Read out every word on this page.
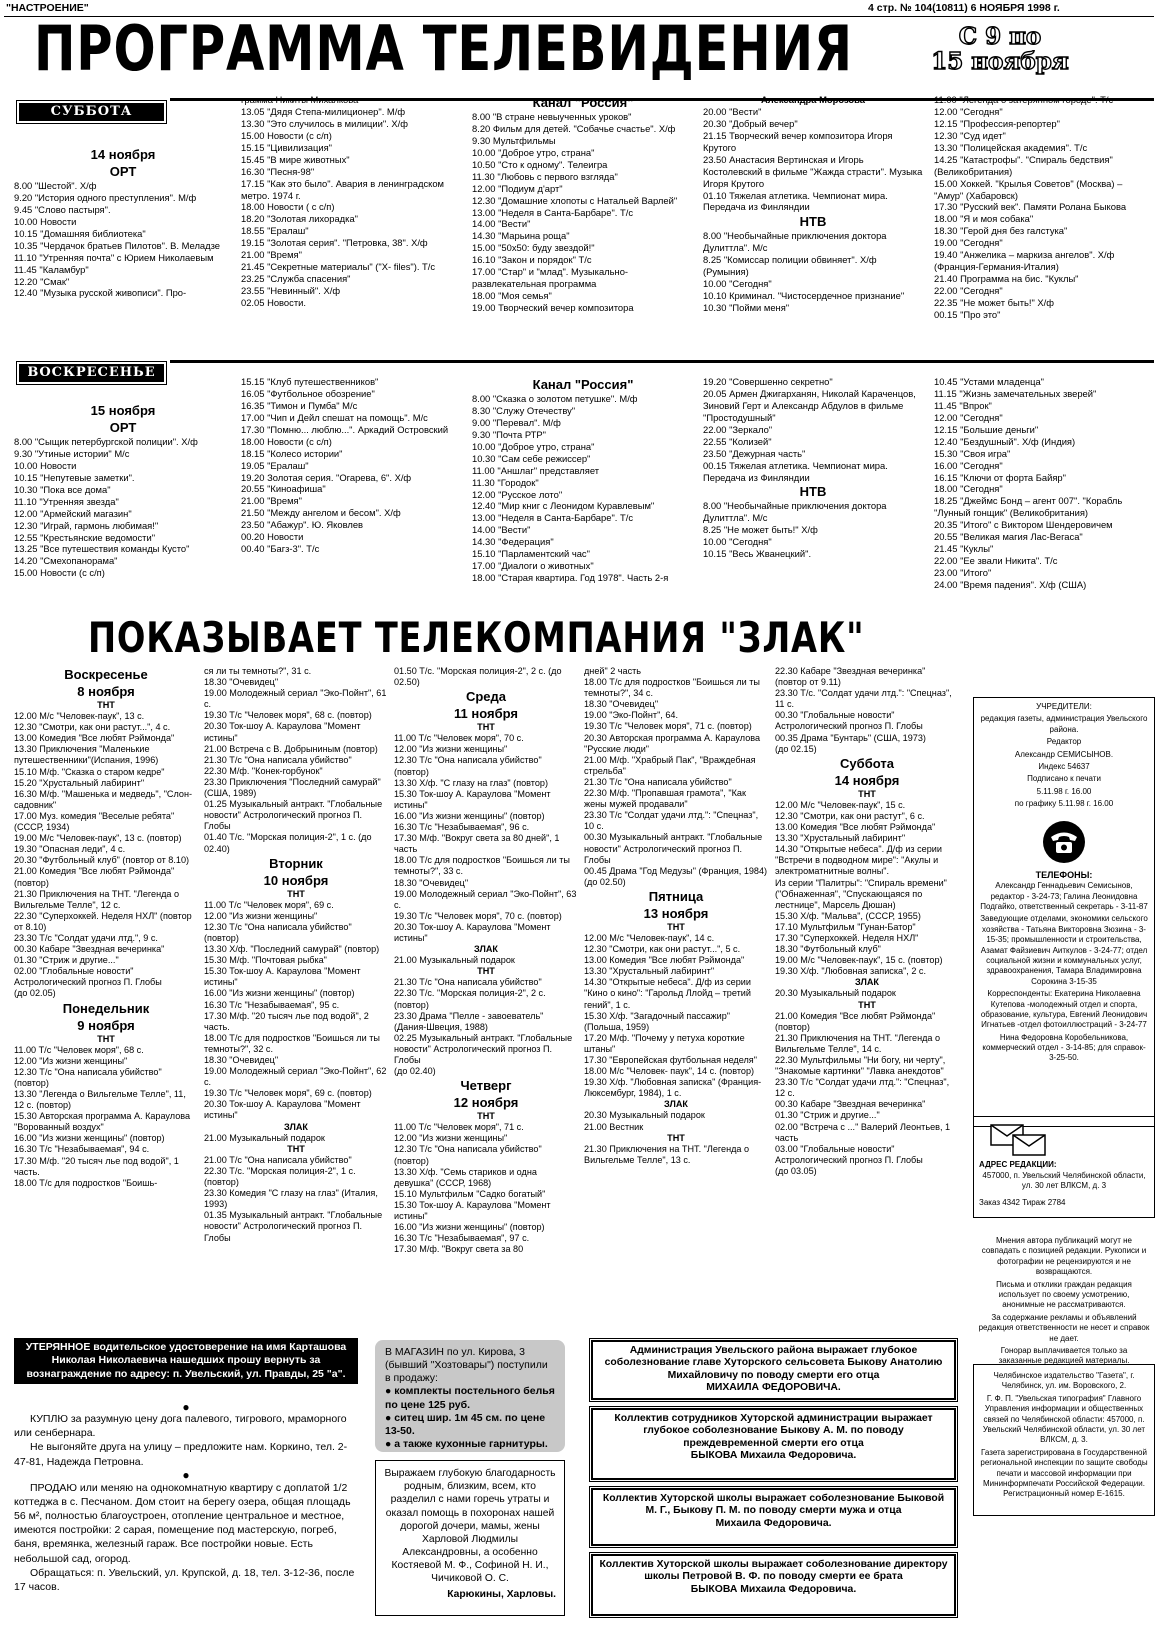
"НАСТРОЕНИЕ"	4 стр. № 104(10811) 6 НОЯБРЯ 1998 г.
ПРОГРАММА ТЕЛЕВИДЕНИЯ	С 9 по
15 ноября
СУББОТА
14 ноября
ОРТ
8.00 "Шестой". Х/ф
9.20 "История одного преступления". М/ф
9.45 "Слово пастыря".
10.00 Новости
10.15 "Домашняя библиотека"
10.35 "Чердачок братьев Пилотов". В. Меладзе
11.10 "Утренняя почта" с Юрием Николаевым
11.45 "Каламбур"
12.20 "Смак"
12.40 "Музыка русской живописи". Про-
грамма Никиты Михалкова
13.05 "Дядя Степа-милиционер". М/ф
13.30 "Это случилось в милиции". Х/ф
15.00 Новости (с с/п)
15.15 "Цивилизация"
15.45 "В мире животных"
16.30 "Песня-98"
17.15 "Как это было". Авария в ленинградском метро. 1974 г.
18.00 Новости ( с с/п)
18.20 "Золотая лихорадка"
18.55 "Ералаш"
19.15 "Золотая серия". "Петровка, 38". Х/ф
21.00 "Время"
21.45 "Секретные материалы" ("X- files"). Т/с
23.25 "Служба спасения"
23.55 "Невинный". Х/ф
02.05 Новости.
Канал "Россия"
8.00 "В стране невыученных уроков"
8.20 Фильм для детей. "Собачье счастье". Х/ф
9.30 Мультфильмы
10.00 "Доброе утро, страна"
10.50 "Сто к одному". Телеигра
11.30 "Любовь с первого взгляда"
12.00 "Подиум д'арт"
12.30 "Домашние хлопоты с Натальей Варлей"
13.00 "Неделя в Санта-Барбаре". Т/с
14.00 "Вести"
14.30 "Марьина роща"
15.00 "50х50: буду звездой!"
16.10 "Закон и порядок" Т/с
17.00 "Стар" и "млад". Музыкально-развлекательная программа
18.00 "Моя семья"
19.00 Творческий вечер композитора
Александра Морозова
20.00 "Вести"
20.30 "Добрый вечер"
21.15 Творческий вечер композитора Игоря Крутого
23.50 Анастасия Вертинская и Игорь Костолевский в фильме "Жажда страсти". Музыка Игоря Крутого
01.10 Тяжелая атлетика. Чемпионат мира. Передача из Финляндии
НТВ
8.00 "Необычайные приключения доктора Дулиттла". М/с
8.25 "Комиссар полиции обвиняет". Х/ф (Румыния)
10.00 "Сегодня"
10.10 Криминал. "Чистосердечное признание"
10.30 "Пойми меня"
11.00 "Легенда о затерянном городе". Т/с
12.00 "Сегодня"
12.15 "Профессия-репортер"
12.30 "Суд идет"
13.30 "Полицейская академия". Т/с
14.25 "Катастрофы". "Спираль бедствия" (Великобритания)
15.00 Хоккей. "Крылья Советов" (Москва) – "Амур" (Хабаровск)
17.30 "Русский век". Памяти Ролана Быкова
18.00 "Я и моя собака"
18.30 "Герой дня без галстука"
19.00 "Сегодня"
19.40 "Анжелика – маркиза ангелов". Х/ф (Франция-Германия-Италия)
21.40 Программа на бис. "Куклы"
22.00 "Сегодня"
22.35 "Не может быть!" Х/ф
00.15 "Про это"
ВОСКРЕСЕНЬЕ
15 ноября
ОРТ
8.00 "Сыщик петербургской полиции". Х/ф
9.30 "Утиные истории" М/с
10.00 Новости
10.15 "Непутевые заметки".
10.30 "Пока все дома"
11.10 "Утренняя звезда"
12.00 "Армейский магазин"
12.30 "Играй, гармонь любимая!"
12.55 "Крестьянские ведомости"
13.25 "Все путешествия команды Кусто"
14.20 "Смехопанорама"
15.00 Новости (с с/п)
15.15 "Клуб путешественников"
16.05 "Футбольное обозрение"
16.35 "Тимон и Пумба" М/с
17.00 "Чип и Дейл спешат на помощь". М/с
17.30 "Помню... люблю...". Аркадий Островский
18.00 Новости (с с/п)
18.15 "Колесо истории"
19.05 "Ералаш"
19.20 Золотая серия. "Огарева, 6". Х/ф
20.55 "Киноафиша"
21.00 "Время"
21.50 "Между ангелом и бесом". Х/ф
23.50 "Абажур". Ю. Яковлев
00.20 Новости
00.40 "Багз-3". Т/с
Канал "Россия"
8.00 "Сказка о золотом петушке". М/ф
8.30 "Служу Отечеству"
9.00 "Перевал". М/ф
9.30 "Почта РТР"
10.00 "Доброе утро, страна"
10.30 "Сам себе режиссер"
11.00 "Аншлаг" представляет
11.30 "Городок"
12.00 "Русское лото"
12.40 "Мир книг с Леонидом Куравлевым"
13.00 "Неделя в Санта-Барбаре". Т/с
14.00 "Вести"
14.30 "Федерация"
15.10 "Парламентский час"
17.00 "Диалоги о животных"
18.00 "Старая квартира. Год 1978". Часть 2-я
19.20 "Совершенно секретно"
20.05 Армен Джигарханян, Николай Караченцов, Зиновий Герт и Александр Абдулов в фильме "Простодушный"
22.00 "Зеркало"
22.55 "Колизей"
23.50 "Дежурная часть"
00.15 Тяжелая атлетика. Чемпионат мира. Передача из Финляндии
НТВ
8.00 "Необычайные приключения доктора Дулиттла". М/с
8.25 "Не может быть!" Х/ф
10.00 "Сегодня"
10.15 "Весь Жванецкий".
10.45 "Устами младенца"
11.15 "Жизнь замечательных зверей"
11.45 "Впрок"
12.00 "Сегодня"
12.15 "Большие деньги"
12.40 "Бездушный". Х/ф (Индия)
15.30 "Своя игра"
16.00 "Сегодня"
16.15 "Ключи от форта Байяр"
18.00 "Сегодня"
18.25 "Джеймс Бонд – агент 007". "Корабль "Лунный гонщик" (Великобритания)
20.35 "Итого" с Виктором Шендеровичем
20.55 "Великая магия Лас-Вегаса"
21.45 "Куклы"
22.00 "Ее звали Никита". Т/с
23.00 "Итого"
24.00 "Время падения". Х/ф (США)
ПОКАЗЫВАЕТ ТЕЛЕКОМПАНИЯ "ЗЛАК"
Воскресенье
8 ноября
ТНТ
12.00 М/с "Человек-паук", 13 с.
12.30 "Смотри, как они растут...", 4 с.
13.00 Комедия "Все любят Рэймонда"
13.30 Приключения "Маленькие путешественники"(Испания, 1996)
15.10 М/ф. "Сказка о старом кедре"
15.20 "Хрустальный лабиринт"
16.30 М/ф. "Машенька и медведь", "Слон-садовник"
17.00 Муз. комедия "Веселые ребята" (СССР, 1934)
19.00 М/с "Человек-паук", 13 с. (повтор)
19.30 "Опасная леди", 4 с.
20.30 "Футбольный клуб" (повтор от 8.10)
21.00 Комедия "Все любят Рэймонда" (повтор)
21.30 Приключения на ТНТ. "Легенда о Вильгельме Телле", 12 с.
22.30 "Суперхоккей. Неделя НХЛ" (повтор от 8.10)
23.30 Т/с "Солдат удачи лтд.", 9 с.
00.30 Кабаре "Звездная вечеринка"
01.30 "Стриж и другие..."
02.00 "Глобальные новости" Астрологический прогноз П. Глобы
(до 02.05)
Понедельник
9 ноября
ТНТ
11.00 Т/с "Человек моря", 68 с.
12.00 "Из жизни женщины"
12.30 Т/с "Она написала убийство" (повтор)
13.30 "Легенда о Вильгельме Телле", 11, 12 с. (повтор)
15.30 Авторская программа А. Караулова "Ворованный воздух"
16.00 "Из жизни женщины" (повтор)
16.30 Т/с "Незабываемая", 94 с.
17.30 М/ф. "20 тысяч лье под водой", 1 часть.
18.00 Т/с для подростков "Боишь-
ся ли ты темноты?", 31 с.
18.30 "Очевидец"
19.00 Молодежный сериал "Эко-Пойнт", 61 с.
19.30 Т/с "Человек моря", 68 с. (повтор)
20.30 Ток-шоу А. Караулова "Момент истины"
21.00 Встреча с В. Добрыниным (повтор)
21.30 Т/с "Она написала убийство"
22.30 М/ф. "Конек-горбунок"
23.30 Приключения "Последний самурай" (США, 1989)
01.25 Музыкальный антракт. "Глобальные новости" Астрологический прогноз П. Глобы
01.40 Т/с. "Морская полиция-2", 1 с. (до 02.40)
Вторник
10 ноября
ТНТ
11.00 Т/с "Человек моря", 69 с.
12.00 "Из жизни женщины"
12.30 Т/с "Она написала убийство" (повтор)
13.30 Х/ф. "Последний самурай" (повтор)
15.30 М/ф. "Почтовая рыбка"
15.30 Ток-шоу А. Караулова "Момент истины"
16.00 "Из жизни женщины" (повтор)
16.30 Т/с "Незабываемая", 95 с.
17.30 М/ф. "20 тысяч лье под водой", 2 часть.
18.00 Т/с для подростков "Боишься ли ты темноты?", 32 с.
18.30 "Очевидец"
19.00 Молодежный сериал "Эко-Пойнт", 62 с.
19.30 Т/с "Человек моря", 69 с. (повтор)
20.30 Ток-шоу А. Караулова "Момент истины"
ЗЛАК
21.00 Музыкальный подарок
ТНТ
21.00 Т/с "Она написала убийство"
22.30 Т/с. "Морская полиция-2", 1 с. (повтор)
23.30 Комедия "С глазу на глаз" (Италия, 1993)
01.35 Музыкальный антракт. "Глобальные новости" Астрологический прогноз П. Глобы
01.50 Т/с. "Морская полиция-2", 2 с. (до 02.50)
Среда
11 ноября
ТНТ
11.00 Т/с "Человек моря", 70 с.
12.00 "Из жизни женщины"
12.30 Т/с "Она написала убийство" (повтор)
13.30 Х/ф. "С глазу на глаз" (повтор)
15.30 Ток-шоу А. Караулова "Момент истины"
16.00 "Из жизни женщины" (повтор)
16.30 Т/с "Незабываемая", 96 с.
17.30 М/ф. "Вокруг света за 80 дней", 1 часть
18.00 Т/с для подростков "Боишься ли ты темноты?", 33 с.
18.30 "Очевидец"
19.00 Молодежный сериал "Эко-Пойнт", 63 с.
19.30 Т/с "Человек моря", 70 с. (повтор)
20.30 Ток-шоу А. Караулова "Момент истины"
ЗЛАК
21.00 Музыкальный подарок
ТНТ
21.30 Т/с "Она написала убийство"
22.30 Т/с. "Морская полиция-2", 2 с. (повтор)
23.30 Драма "Пелле - завоеватель" (Дания-Швеция, 1988)
02.25 Музыкальный антракт. "Глобальные новости" Астрологический прогноз П. Глобы
(до 02.40)
Четверг
12 ноября
ТНТ
11.00 Т/с "Человек моря", 71 с.
12.00 "Из жизни женщины"
12.30 Т/с "Она написала убийство" (повтор)
13.30 Х/ф. "Семь стариков и одна девушка" (СССР, 1968)
15.10 Мультфильм "Садко богатый"
15.30 Ток-шоу А. Караулова "Момент истины"
16.00 "Из жизни женщины" (повтор)
16.30 Т/с "Незабываемая", 97 с.
17.30 М/ф. "Вокруг света за 80
дней" 2 часть
18.00 Т/с для подростков "Боишься ли ты темноты?", 34 с.
18.30 "Очевидец"
19.00 "Эко-Пойнт", 64.
19.30 Т/с "Человек моря", 71 с. (повтор)
20.30 Авторская программа А. Караулова "Русские люди"
21.00 М/ф. "Храбрый Пак", "Враждебная стрельба"
21.30 Т/с "Она написала убийство"
22.30 М/ф. "Пропавшая грамота", "Как жены мужей продавали"
23.30 Т/с "Солдат удачи лтд.": "Спецназ", 10 с.
00.30 Музыкальный антракт. "Глобальные новости" Астрологический прогноз П. Глобы
00.45 Драма "Год Медузы" (Франция, 1984)
(до 02.50)
Пятница
13 ноября
ТНТ
12.00 М/с "Человек-паук", 14 с.
12.30 "Смотри, как они растут...", 5 с.
13.00 Комедия "Все любят Рэймонда"
13.30 "Хрустальный лабиринт"
14.30 "Открытые небеса". Д/ф из серии "Кино о кино": "Гарольд Ллойд – третий гений", 1 с.
15.30 Х/ф. "Загадочный пассажир" (Польша, 1959)
17.20 М/ф. "Почему у петуха короткие штаны"
17.30 "Европейская футбольная неделя"
18.00 М/с "Человек- паук", 14 с. (повтор)
19.30 Х/ф. "Любовная записка" (Франция-Люксембург, 1984), 1 с.
ЗЛАК
20.30 Музыкальный подарок
21.00 Вестник
ТНТ
21.30 Приключения на ТНТ. "Легенда о Вильгельме Телле", 13 с.
22.30 Кабаре "Звездная вечеринка" (повтор от 9.11)
23.30 Т/с. "Солдат удачи лтд.": "Спецназ", 11 с.
00.30 "Глобальные новости" Астрологический прогноз П. Глобы
00.35 Драма "Бунтарь" (США, 1973)
(до 02.15)
Суббота
14 ноября
ТНТ
12.00 М/с "Человек-паук", 15 с.
12.30 "Смотри, как они растут", 6 с.
13.00 Комедия "Все любят Рэймонда"
13.30 "Хрустальный лабиринт"
14.30 "Открытые небеса". Д/ф из серии "Встречи в подводном мире": "Акулы и электроматнитные волны".
Из серии "Палитры": "Спираль времени" ("Обнаженная", "Спускающаяся по лестнице", Марсель Дюшан)
15.30 Х/ф. "Мальва", (СССР, 1955)
17.10 Мультфильм "Гунан-Батор"
17.30 "Суперхоккей. Неделя НХЛ"
18.30 "Футбольный клуб"
19.00 М/с "Человек-паук", 15 с. (повтор)
19.30 Х/ф. "Любовная записка", 2 с.
ЗЛАК
20.30 Музыкальный подарок
ТНТ
21.00 Комедия "Все любят Рэймонда" (повтор)
21.30 Приключения на ТНТ. "Легенда о Вильгельме Телле", 14 с.
22.30 Мультфильмы "Ни богу, ни черту", "Знакомые картинки" "Лавка анекдотов"
23.30 Т/с "Солдат удачи лтд.": "Спецназ", 12 с.
00.30 Кабаре "Звездная вечеринка"
01.30 "Стриж и другие..."
02.00 "Встреча с ..." Валерий Леонтьев, 1 часть
03.00 "Глобальные новости" Астрологический прогноз П. Глобы
(до 03.05)
УЧРЕДИТЕЛИ:
редакция газеты, администрация Увельского района.
Редактор
Александр СЕМИСЫНОВ.
Индекс 54637
Подписано к печати
5.11.98 г. 16.00
по графику 5.11.98 г. 16.00
ТЕЛЕФОНЫ:
Александр Геннадьевич Семисынов, редактор - 3-24-73; Галина Леонидовна Подгайко, ответственный секретарь - 3-11-87
Заведующие отделами, экономики сельского хозяйства - Татьяна Викторовна Зюзина - 3-15-35; промышленности и строительства, Азамат Файзиевич Аиткулов - 3-24-77; отдел социальной жизни и коммунальных услуг, здравоохранения, Тамара Владимировна Сорокина 3-15-35
Корреспонденты: Екатерина Николаевна Кутепова -молодежный отдел и спорта, образование, культура, Евгений Леонидович Игнатьев -отдел фотоиллюстраций - 3-24-77
Нина Федоровна Коробельникова, коммерческий отдел - 3-14-85; для справок- 3-25-50.
АДРЕС РЕДАКЦИИ:
457000, п. Увельский Челябинской области, ул. 30 лет ВЛКСМ, д. 3
Заказ 4342 Тираж 2784
Мнения автора публикаций могут не совпадать с позицией редакции. Рукописи и фотографии не рецензируются и не возвращаются.
Письма и отклики граждан редакция использует по своему усмотрению, анонимные не рассматриваются.
За содержание рекламы и объявлений редакция ответственности не несет и справок не дает.
Гонорар выплачивается только за заказанные редакцией материалы.
Челябинское издательство "Газета", г. Челябинск, ул. им. Воровского, 2.
Г. Ф. П. "Увельская типография" Главного Управления информации и общественных связей по Челябинской области: 457000, п. Увельский Челябинской области, ул. 30 лет ВЛКСМ, д. 3.
Газета зарегистрирована в Государственной региональной инспекции по защите свободы печати и массовой информации при Мининформпечати Российской Федерации. Регистрационный номер Е-1615.
УТЕРЯННОЕ водительское удостоверение на имя Карташова Николая Николаевича нашедших прошу вернуть за вознаграждение по адресу: п. Увельский, ул. Правды, 25 "а".
●
КУПЛЮ за разумную цену дога палевого, тигрового, мраморного или сенбернара.
Не выгоняйте друга на улицу – предложите нам. Коркино, тел. 2-47-81, Надежда Петровна.
●
ПРОДАЮ или меняю на однокомнатную квартиру с доплатой 1/2 коттеджа в с. Песчаном. Дом стоит на берегу озера, общая площадь 56 м², полностью благоустроен, отопление центральное и местное, имеются постройки: 2 сарая, помещение под мастерскую, погреб, баня, времянка, железный гараж. Все постройки новые. Есть небольшой сад, огород.
Обращаться: п. Увельский, ул. Крупской, д. 18, тел. 3-12-36, после 17 часов.
В МАГАЗИН по ул. Кирова, 3 (бывший "Хозтовары") поступили в продажу:
● комплекты постельного белья по цене 125 руб.
● ситец шир. 1м 45 см. по цене 13-50.
● а также кухонные гарнитуры.
Выражаем глубокую благодарность родным, близким, всем, кто разделил с нами горечь утраты и оказал помощь в похоронах нашей дорогой дочери, мамы, жены Харловой Людмилы Александровны, а особенно Костяевой М. Ф., Софиной Н. И., Чичиковой О. С.
Карюкины, Харловы.
Администрация Увельского района выражает глубокое соболезнование главе Хуторского сельсовета Быкову Анатолию Михайловичу по поводу смерти его отца
МИХАИЛА ФЕДОРОВИЧА.
Коллектив сотрудников Хуторской администрации выражает глубокое соболезнование Быкову А. М. по поводу преждевременной смерти его отца
БЫКОВА Михаила Федоровича.
Коллектив Хуторской школы выражает соболезнование Быковой М. Г., Быкову П. М. по поводу смерти мужа и отца
Михаила Федоровича.
Коллектив Хуторской школы выражает соболезнование директору школы Петровой В. Ф. по поводу смерти ее брата
БЫКОВА Михаила Федоровича.
